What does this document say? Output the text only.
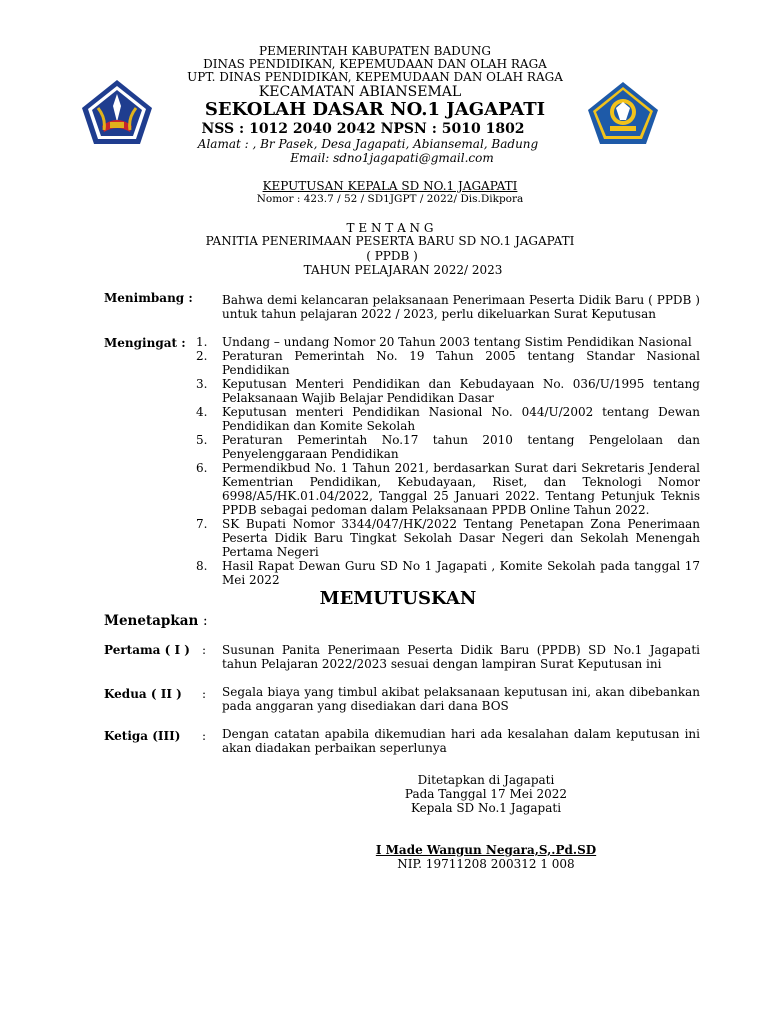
PEMERINTAH KABUPATEN BADUNG
DINAS PENDIDIKAN, KEPEMUDAAN DAN OLAH RAGA
UPT. DINAS PENDIDIKAN, KEPEMUDAAN DAN OLAH RAGA
KECAMATAN ABIANSEMAL
SEKOLAH DASAR NO.1 JAGAPATI
NSS : 1012 2040 2042 NPSN : 5010 1802
Alamat : , Br Pasek, Desa Jagapati, Abiansemal, Badung
Email: sdno1jagapati@gmail.com
KEPUTUSAN KEPALA SD NO.1 JAGAPATI
Nomor : 423.7 / 52 / SD1JGPT / 2022/ Dis.Dikpora
T E N T A N G
PANITIA PENERIMAAN PESERTA BARU SD NO.1 JAGAPATI
( PPDB )
TAHUN PELAJARAN 2022/ 2023
Menimbang : Bahwa demi kelancaran pelaksanaan Penerimaan Peserta Didik Baru ( PPDB ) untuk tahun pelajaran 2022 / 2023, perlu dikeluarkan Surat Keputusan
Mengingat : 1. Undang – undang Nomor 20 Tahun 2003 tentang Sistim Pendidikan Nasional
2. Peraturan Pemerintah No. 19 Tahun 2005 tentang Standar Nasional Pendidikan
3. Keputusan Menteri Pendidikan dan Kebudayaan No. 036/U/1995 tentang Pelaksanaan Wajib Belajar Pendidikan Dasar
4. Keputusan menteri Pendidikan Nasional No. 044/U/2002 tentang Dewan Pendidikan dan Komite Sekolah
5. Peraturan Pemerintah No.17 tahun 2010 tentang Pengelolaan dan Penyelenggaraan Pendidikan
6. Permendikbud No. 1 Tahun 2021, berdasarkan Surat dari Sekretaris Jenderal Kementrian Pendidikan, Kebudayaan, Riset, dan Teknologi Nomor 6998/A5/HK.01.04/2022, Tanggal 25 Januari 2022. Tentang Petunjuk Teknis PPDB sebagai pedoman dalam Pelaksanaan PPDB Online Tahun 2022.
7. SK Bupati Nomor 3344/047/HK/2022 Tentang Penetapan Zona Penerimaan Peserta Didik Baru Tingkat Sekolah Dasar Negeri dan Sekolah Menengah Pertama Negeri
8. Hasil Rapat Dewan Guru SD No 1 Jagapati , Komite Sekolah pada tanggal 17 Mei 2022
MEMUTUSKAN
Menetapkan :
Pertama ( I ) : Susunan Panita Penerimaan Peserta Didik Baru (PPDB) SD No.1 Jagapati tahun Pelajaran 2022/2023 sesuai dengan lampiran Surat Keputusan ini
Kedua ( II ) : Segala biaya yang timbul akibat pelaksanaan keputusan ini, akan dibebankan pada anggaran yang disediakan dari dana BOS
Ketiga (III) : Dengan catatan apabila dikemudian hari ada kesalahan dalam keputusan ini akan diadakan perbaikan seperlunya
Ditetapkan di Jagapati
Pada Tanggal 17 Mei 2022
Kepala SD No.1 Jagapati
I Made Wangun Negara,S,.Pd.SD
NIP. 19711208 200312 1 008
